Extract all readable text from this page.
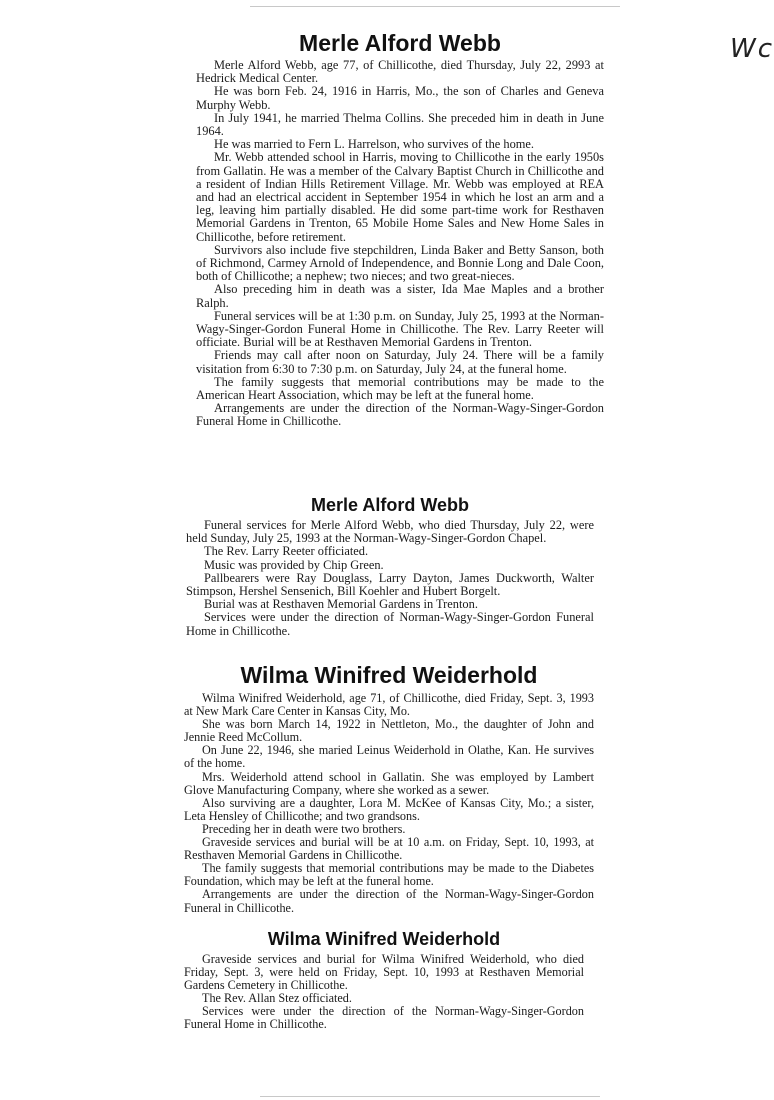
Wc
Merle Alford Webb

Merle Alford Webb, age 77, of Chillicothe, died Thursday, July 22, 2993 at Hedrick Medical Center.

He was born Feb. 24, 1916 in Harris, Mo., the son of Charles and Geneva Murphy Webb.

In July 1941, he married Thelma Collins. She preceded him in death in June 1964.

He was married to Fern L. Harrelson, who survives of the home.

Mr. Webb attended school in Harris, moving to Chillicothe in the early 1950s from Gallatin. He was a member of the Calvary Baptist Church in Chillicothe and a resident of Indian Hills Retirement Village. Mr. Webb was employed at REA and had an electrical accident in September 1954 in which he lost an arm and a leg, leaving him partially disabled. He did some part-time work for Resthaven Memorial Gardens in Trenton, 65 Mobile Home Sales and New Home Sales in Chillicothe, before retirement.

Survivors also include five stepchildren, Linda Baker and Betty Sanson, both of Richmond, Carmey Arnold of Independence, and Bonnie Long and Dale Coon, both of Chillicothe; a nephew; two nieces; and two great-nieces.

Also preceding him in death was a sister, Ida Mae Maples and a brother Ralph.

Funeral services will be at 1:30 p.m. on Sunday, July 25, 1993 at the Norman-Wagy-Singer-Gordon Funeral Home in Chillicothe. The Rev. Larry Reeter will officiate. Burial will be at Resthaven Memorial Gardens in Trenton.

Friends may call after noon on Saturday, July 24. There will be a family visitation from 6:30 to 7:30 p.m. on Saturday, July 24, at the funeral home.

The family suggests that memorial contributions may be made to the American Heart Association, which may be left at the funeral home.

Arrangements are under the direction of the Norman-Wagy-Singer-Gordon Funeral Home in Chillicothe.

Merle Alford Webb

Funeral services for Merle Alford Webb, who died Thursday, July 22, were held Sunday, July 25, 1993 at the Norman-Wagy-Singer-Gordon Chapel.

The Rev. Larry Reeter officiated.

Music was provided by Chip Green.

Pallbearers were Ray Douglass, Larry Dayton, James Duckworth, Walter Stimpson, Hershel Sensenich, Bill Koehler and Hubert Borgelt.

Burial was at Resthaven Memorial Gardens in Trenton.

Services were under the direction of Norman-Wagy-Singer-Gordon Funeral Home in Chillicothe.

Wilma Winifred Weiderhold

Wilma Winifred Weiderhold, age 71, of Chillicothe, died Friday, Sept. 3, 1993 at New Mark Care Center in Kansas City, Mo.

She was born March 14, 1922 in Nettleton, Mo., the daughter of John and Jennie Reed McCollum.

On June 22, 1946, she maried Leinus Weiderhold in Olathe, Kan. He survives of the home.

Mrs. Weiderhold attend school in Gallatin. She was employed by Lambert Glove Manufacturing Company, where she worked as a sewer.

Also surviving are a daughter, Lora M. McKee of Kansas City, Mo.; a sister, Leta Hensley of Chillicothe; and two grandsons.

Preceding her in death were two brothers.

Graveside services and burial will be at 10 a.m. on Friday, Sept. 10, 1993, at Resthaven Memorial Gardens in Chillicothe.

The family suggests that memorial contributions may be made to the Diabetes Foundation, which may be left at the funeral home.

Arrangements are under the direction of the Norman-Wagy-Singer-Gordon Funeral in Chillicothe.

Wilma Winifred Weiderhold

Graveside services and burial for Wilma Winifred Weiderhold, who died Friday, Sept. 3, were held on Friday, Sept. 10, 1993 at Resthaven Memorial Gardens Cemetery in Chillicothe.

The Rev. Allan Stez officiated.

Services were under the direction of the Norman-Wagy-Singer-Gordon Funeral Home in Chillicothe.
